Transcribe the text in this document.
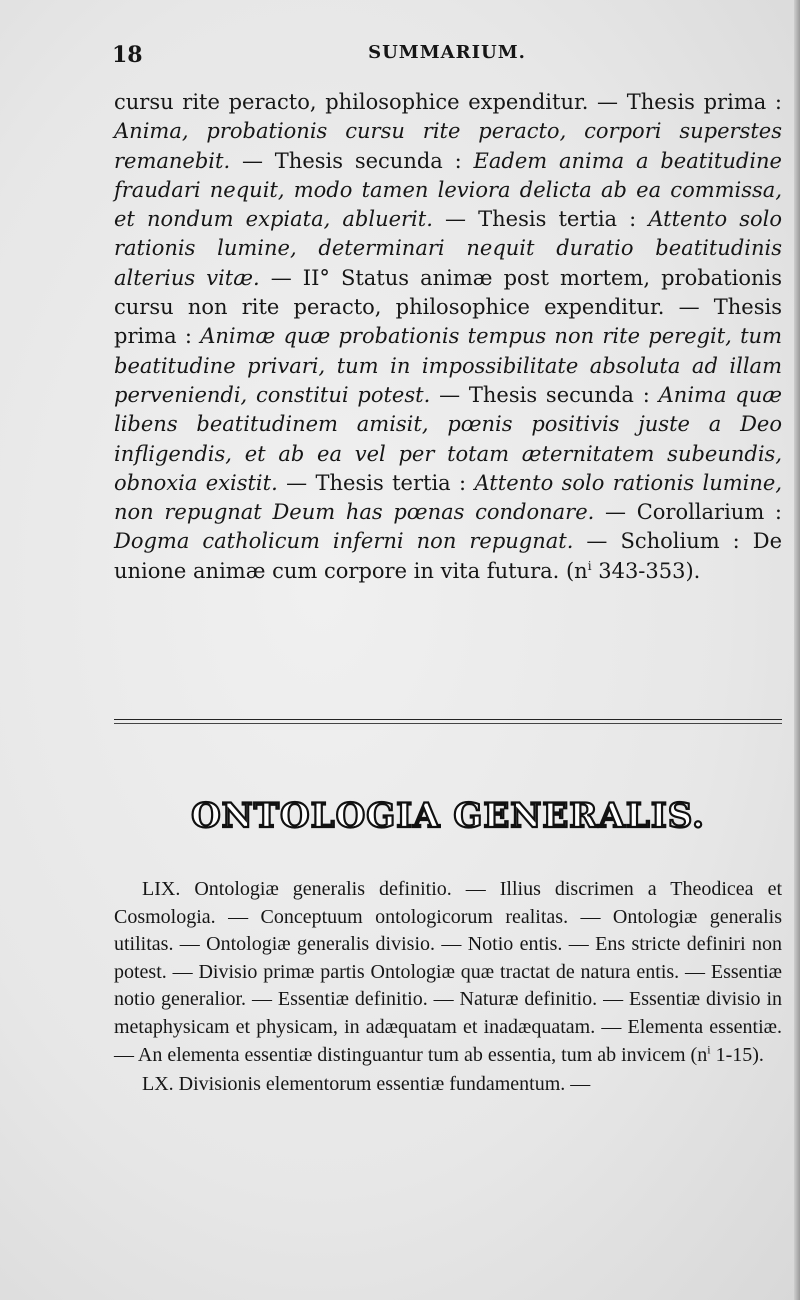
18	SUMMARIUM.
cursu rite peracto, philosophice expenditur. — Thesis prima : Anima, probationis cursu rite peracto, corpori superstes remanebit. — Thesis secunda : Eadem anima a beatitudine fraudari nequit, modo tamen leviora delicta ab ea commissa, et nondum expiata, abluerit. — Thesis tertia : Attento solo rationis lumine, determinari nequit duratio beatitudinis alterius vitæ. — II° Status animæ post mortem, probationis cursu non rite peracto, philosophice expenditur. — Thesis prima : Animæ quæ probationis tempus non rite peregit, tum beatitudine privari, tum in impossibilitate absoluta ad illam perveniendi, constitui potest. — Thesis secunda : Anima quæ libens beatitudinem amisit, pœnis positivis juste a Deo infligendis, et ab ea vel per totam æternitatem subeundis, obnoxia existit. — Thesis tertia : Attento solo rationis lumine, non repugnat Deum has pœnas condonare. — Corollarium : Dogma catholicum inferni non repugnat. — Scholium : De unione animæ cum corpore in vita futura. ($n^i$ 343-353).
ONTOLOGIA GENERALIS.

LIX. Ontologiæ generalis definitio. — Illius discrimen a Theodicea et Cosmologia. — Conceptuum ontologicorum realitas. — Ontologiæ generalis utilitas. — Ontologiæ generalis divisio. — Notio entis. — Ens stricte definiri non potest. — Divisio primæ partis Ontologiæ quæ tractat de natura entis. — Essentiæ notio generalior. — Essentiæ definitio. — Naturæ definitio. — Essentiæ divisio in metaphysicam et physicam, in adæquatam et inadæquatam. — Elementa essentiæ. — An elementa essentiæ distinguantur tum ab essentia, tum ab invicem ($n^i$ 1-15).

LX. Divisionis elementorum essentiæ fundamentum. —
